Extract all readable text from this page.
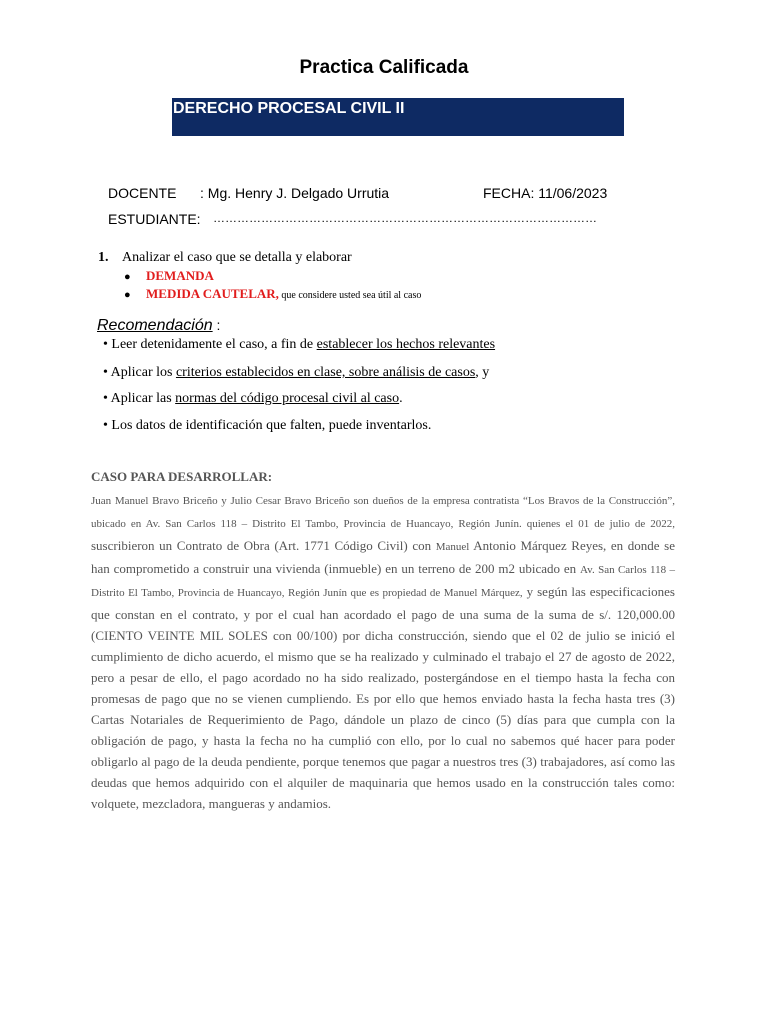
Practica Calificada
DERECHO PROCESAL CIVIL II
DOCENTE : Mg. Henry J. Delgado Urrutia	FECHA: 11/06/2023
ESTUDIANTE: ……………………………………………………………………………………
1. Analizar el caso que se detalla y elaborar
● DEMANDA
● MEDIDA CAUTELAR, que considere usted sea útil al caso
Recomendación :
• Leer detenidamente el caso, a fin de establecer los hechos relevantes
• Aplicar los criterios establecidos en clase, sobre análisis de casos, y
• Aplicar las normas del código procesal civil al caso.
• Los datos de identificación que falten, puede inventarlos.
CASO PARA DESARROLLAR:
Juan Manuel Bravo Briceño y Julio Cesar Bravo Briceño son dueños de la empresa contratista “Los Bravos de la Construcción”, ubicado en Av. San Carlos 118 – Distrito El Tambo, Provincia de Huancayo, Región Junín. quienes el 01 de julio de 2022, suscribieron un Contrato de Obra (Art. 1771 Código Civil) con Manuel Antonio Márquez Reyes, en donde se han comprometido a construir una vivienda (inmueble) en un terreno de 200 m2 ubicado en Av. San Carlos 118 – Distrito El Tambo, Provincia de Huancayo, Región Junín que es propiedad de Manuel Márquez, y según las especificaciones que constan en el contrato, y por el cual han acordado el pago de una suma de la suma de s/. 120,000.00 (CIENTO VEINTE MIL SOLES con 00/100) por dicha construcción, siendo que el 02 de julio se inició el cumplimiento de dicho acuerdo, el mismo que se ha realizado y culminado el trabajo el 27 de agosto de 2022, pero a pesar de ello, el pago acordado no ha sido realizado, postergándose en el tiempo hasta la fecha con promesas de pago que no se vienen cumpliendo. Es por ello que hemos enviado hasta la fecha hasta tres (3) Cartas Notariales de Requerimiento de Pago, dándole un plazo de cinco (5) días para que cumpla con la obligación de pago, y hasta la fecha no ha cumplió con ello, por lo cual no sabemos qué hacer para poder obligarlo al pago de la deuda pendiente, porque tenemos que pagar a nuestros tres (3) trabajadores, así como las deudas que hemos adquirido con el alquiler de maquinaria que hemos usado en la construcción tales como: volquete, mezcladora, mangueras y andamios.
